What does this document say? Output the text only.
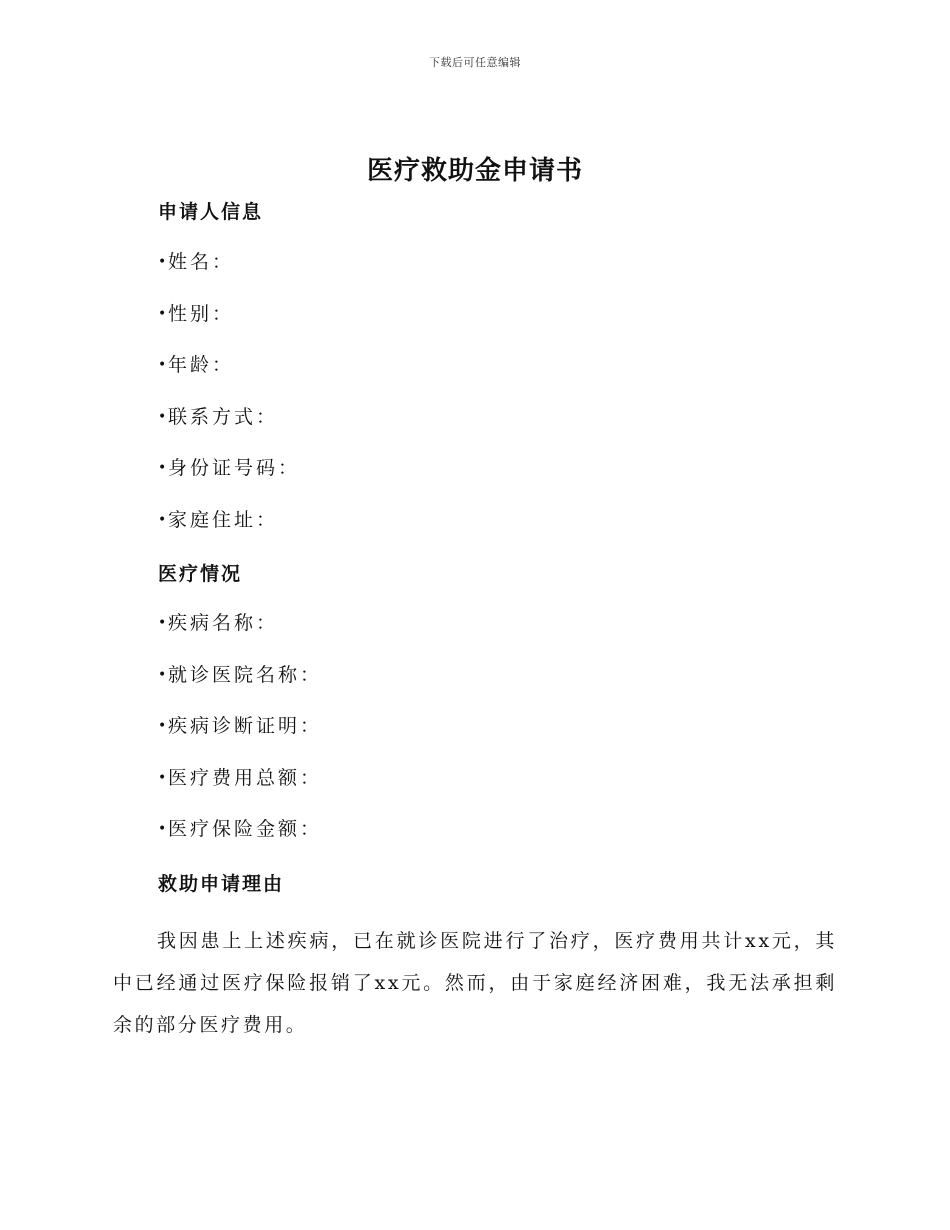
下载后可任意编辑
医疗救助金申请书
申请人信息
•姓名：
•性别：
•年龄：
•联系方式：
•身份证号码：
•家庭住址：
医疗情况
•疾病名称：
•就诊医院名称：
•疾病诊断证明：
•医疗费用总额：
•医疗保险金额：
救助申请理由

我因患上上述疾病，已在就诊医院进行了治疗，医疗费用共计xx元，其中已经通过医疗保险报销了xx元。然而，由于家庭经济困难，我无法承担剩余的部分医疗费用。
